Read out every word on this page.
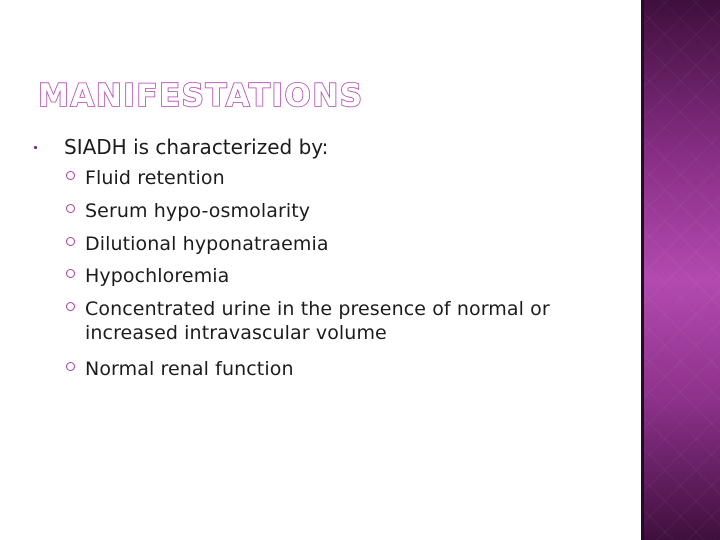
MANIFESTATIONS

SIADH is characterized by:

Fluid retention
Serum hypo-osmolarity
Dilutional hyponatraemia
Hypochloremia
Concentrated urine in the presence of normal or increased intravascular volume
Normal renal function
